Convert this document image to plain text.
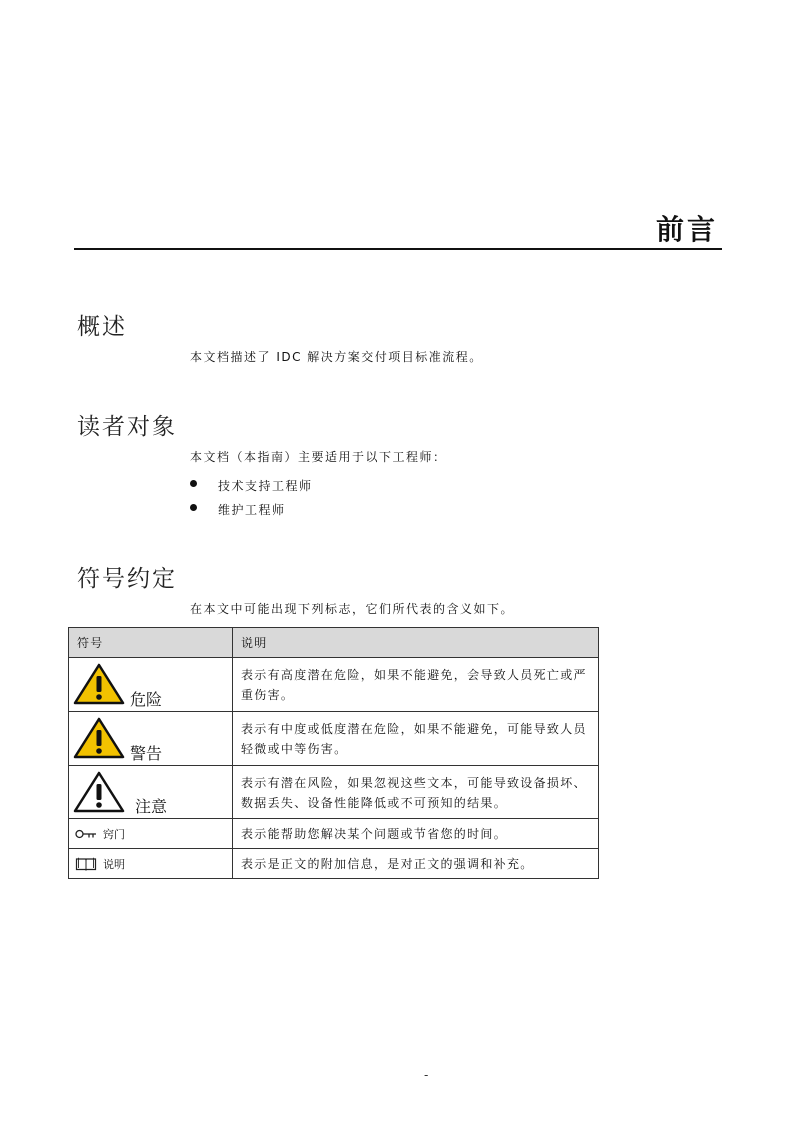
前言
概述
本文档描述了 IDC 解决方案交付项目标准流程。
读者对象
本文档（本指南）主要适用于以下工程师：
技术支持工程师
维护工程师
符号约定
在本文中可能出现下列标志，它们所代表的含义如下。
符号	说明

危险	表示有高度潜在危险，如果不能避免，会导致人员死亡或严重伤害。

警告	表示有中度或低度潜在危险，如果不能避免，可能导致人员轻微或中等伤害。

注意	表示有潜在风险，如果忽视这些文本，可能导致设备损坏、数据丢失、设备性能降低或不可预知的结果。

窍门	表示能帮助您解决某个问题或节省您的时间。

说明	表示是正文的附加信息，是对正文的强调和补充。
-
